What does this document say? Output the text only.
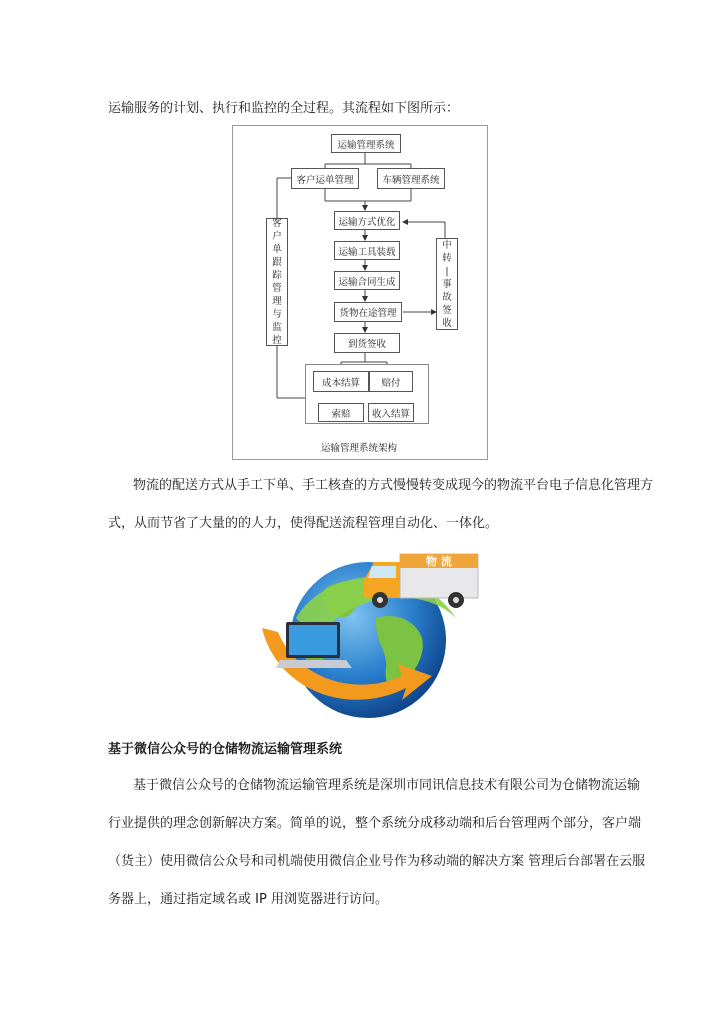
运输服务的计划、执行和监控的全过程。其流程如下图所示：

运输管理系统
客户运单管理	车辆管理系统
运输方式优化
运输工具装载
运输合同生成
货物在途管理
到货签收
成本结算	赔付
索赔	收入结算
客
户
单
跟
踪
管
理
与
监
控
中
转
|
事
故
签
收
运输管理系统架构

物流的配送方式从手工下单、手工核查的方式慢慢转变成现今的物流平台电子信息化管理方

式，从而节省了大量的的人力，使得配送流程管理自动化、一体化。

物 流

基于微信公众号的仓储物流运输管理系统

基于微信公众号的仓储物流运输管理系统是深圳市同讯信息技术有限公司为仓储物流运输

行业提供的理念创新解决方案。简单的说，整个系统分成移动端和后台管理两个部分，客户端

（货主）使用微信公众号和司机端使用微信企业号作为移动端的解决方案 管理后台部署在云服

务器上，通过指定域名或 IP 用浏览器进行访问。
